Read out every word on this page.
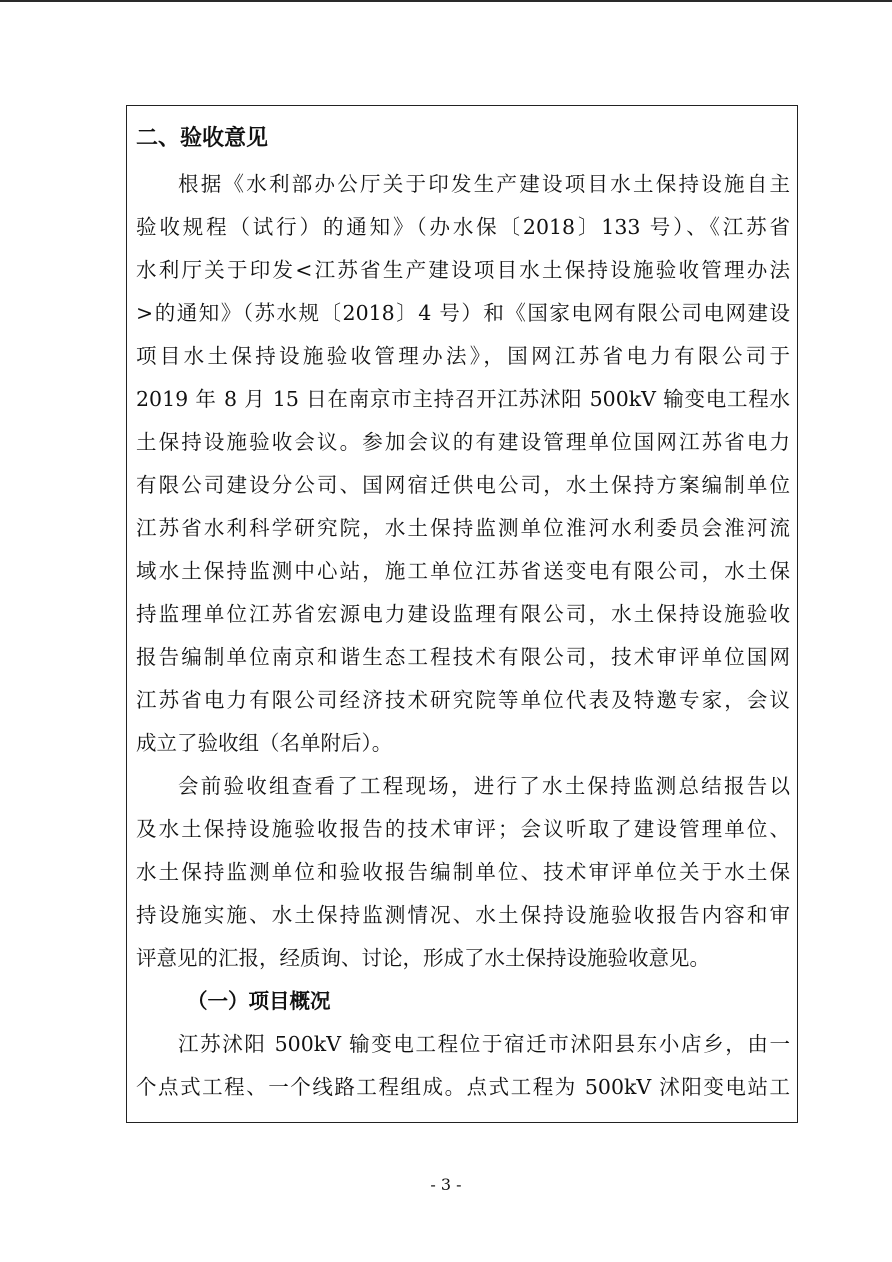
二、验收意见
根据《水利部办公厅关于印发生产建设项目水土保持设施自主
验收规程（试行）的通知》（办水保〔2018〕133 号）、《江苏省
水利厅关于印发<江苏省生产建设项目水土保持设施验收管理办法
>的通知》（苏水规〔2018〕4 号）和《国家电网有限公司电网建设
项目水土保持设施验收管理办法》，国网江苏省电力有限公司于
2019 年 8 月 15 日在南京市主持召开江苏沭阳 500kV 输变电工程水
土保持设施验收会议。参加会议的有建设管理单位国网江苏省电力
有限公司建设分公司、国网宿迁供电公司，水土保持方案编制单位
江苏省水利科学研究院，水土保持监测单位淮河水利委员会淮河流
域水土保持监测中心站，施工单位江苏省送变电有限公司，水土保
持监理单位江苏省宏源电力建设监理有限公司，水土保持设施验收
报告编制单位南京和谐生态工程技术有限公司，技术审评单位国网
江苏省电力有限公司经济技术研究院等单位代表及特邀专家，会议
成立了验收组（名单附后）。
会前验收组查看了工程现场，进行了水土保持监测总结报告以
及水土保持设施验收报告的技术审评；会议听取了建设管理单位、
水土保持监测单位和验收报告编制单位、技术审评单位关于水土保
持设施实施、水土保持监测情况、水土保持设施验收报告内容和审
评意见的汇报，经质询、讨论，形成了水土保持设施验收意见。
（一）项目概况
江苏沭阳 500kV 输变电工程位于宿迁市沭阳县东小店乡，由一
个点式工程、一个线路工程组成。点式工程为 500kV 沭阳变电站工
- 3 -
